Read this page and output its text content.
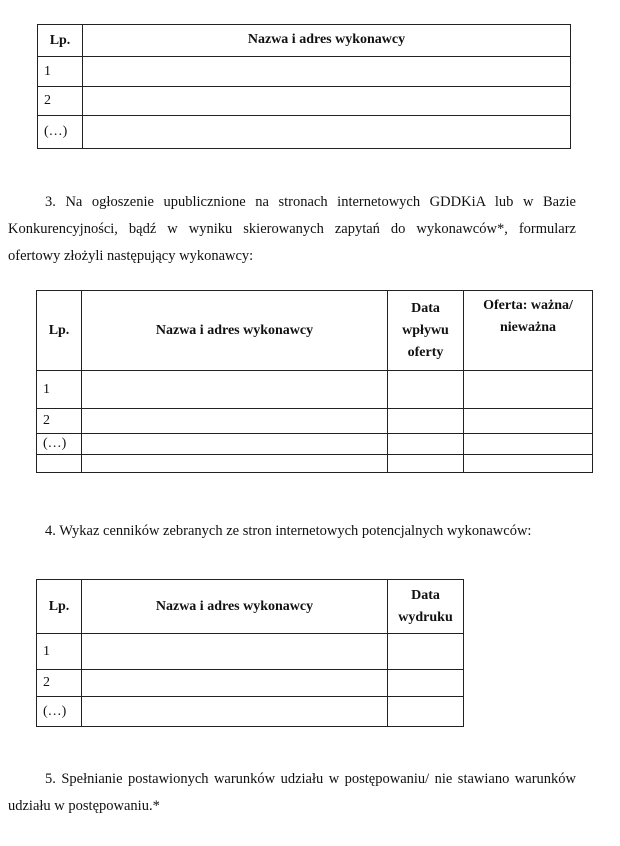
Lp.	Nazwa i adres wykonawcy
1	
2	
(…)	

3. Na ogłoszenie upublicznione na stronach internetowych GDDKiA lub w Bazie

Konkurencyjności, bądź w wyniku skierowanych zapytań do wykonawców*, formularz

ofertowy złożyli następujący wykonawcy:

Lp.	Nazwa i adres wykonawcy	Data wpływu oferty	Oferta: ważna/ nieważna
1			
2			
(…)			

4. Wykaz cenników zebranych ze stron internetowych potencjalnych wykonawców:

Lp.	Nazwa i adres wykonawcy	Data wydruku
1		
2		
(…)		

5. Spełnianie postawionych warunków udziału w postępowaniu/ nie stawiano warunków

udziału w postępowaniu.*
